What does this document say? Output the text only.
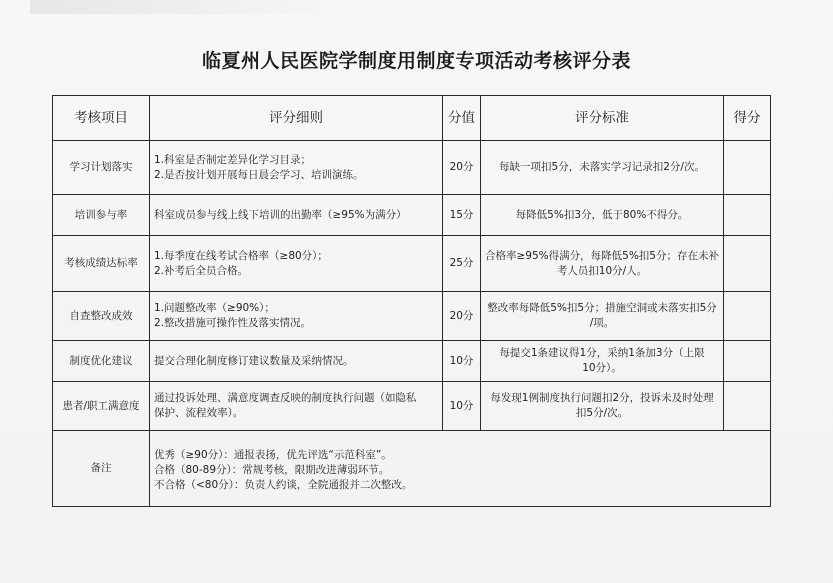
临夏州人民医院学制度用制度专项活动考核评分表
考核项目	评分细则	分值	评分标准	得分
学习计划落实	1.科室是否制定差异化学习目录；
2.是否按计划开展每日晨会学习、培训演练。	20分	每缺一项扣5分，未落实学习记录扣2分/次。	

培训参与率	科室成员参与线上线下培训的出勤率（≥95%为满分）	15分	每降低5%扣3分，低于80%不得分。	

考核成绩达标率	1.每季度在线考试合格率（≥80分）；
2.补考后全员合格。	25分	合格率≥95%得满分，每降低5%扣5分；存在未补
考人员扣10分/人。	

自查整改成效	1.问题整改率（≥90%）；
2.整改措施可操作性及落实情况。	20分	整改率每降低5%扣5分；措施空洞或未落实扣5分
/项。	

制度优化建议	提交合理化制度修订建议数量及采纳情况。	10分	每提交1条建议得1分，采纳1条加3分（上限
10分）。	

患者/职工满意度	通过投诉处理、满意度调查反映的制度执行问题（如隐私
保护、流程效率）。	10分	每发现1例制度执行问题扣2分，投诉未及时处理
扣5分/次。	

备注	优秀（≥90分）：通报表扬，优先评选“示范科室”。
合格（80-89分）：常规考核，限期改进薄弱环节。
不合格（<80分）：负责人约谈，全院通报并二次整改。			
